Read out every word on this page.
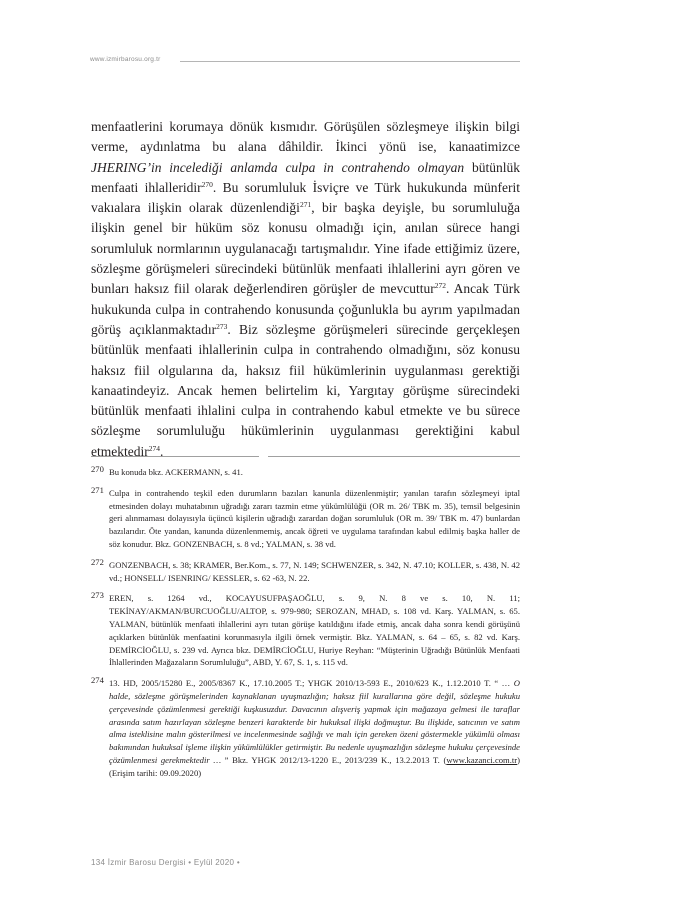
www.izmirbarosu.org.tr

menfaatlerini korumaya dönük kısmıdır. Görüşülen sözleşmeye ilişkin bilgi verme, aydınlatma bu alana dâhildir. İkinci yönü ise, kanaatimizce JHERING’in incelediği anlamda culpa in contrahendo olmayan bütünlük menfaati ihlalleridir$^{270}$. Bu sorumluluk İsviçre ve Türk hukukunda münferit vakıalara ilişkin olarak düzenlendiği$^{271}$, bir başka deyişle, bu sorumluluğa ilişkin genel bir hüküm söz konusu olmadığı için, anılan sürece hangi sorumluluk normlarının uygulanacağı tartışmalıdır. Yine ifade ettiğimiz üzere, sözleşme görüşmeleri sürecindeki bütünlük menfaati ihlallerini ayrı gören ve bunları haksız fiil olarak değerlendiren görüşler de mevcuttur$^{272}$. Ancak Türk hukukunda culpa in contrahendo konusunda çoğunlukla bu ayrım yapılmadan görüş açıklanmaktadır$^{273}$. Biz sözleşme görüşmeleri sürecinde gerçekleşen bütünlük menfaati ihlallerinin culpa in contrahendo olmadığını, söz konusu haksız fiil olgularına da, haksız fiil hükümlerinin uygulanması gerektiği kanaatindeyiz. Ancak hemen belirtelim ki, Yargıtay görüşme sürecindeki bütünlük menfaati ihlalini culpa in contrahendo kabul etmekte ve bu sürece sözleşme sorumluluğu hükümlerinin uygulanması gerektiğini kabul etmektedir$^{274}$.

270 Bu konuda bkz. ACKERMANN, s. 41.
271 Culpa in contrahendo teşkil eden durumların bazıları kanunla düzenlenmiştir; yanılan tarafın sözleşmeyi iptal etmesinden dolayı muhatabının uğradığı zararı tazmin etme yükümlülüğü (OR m. 26/ TBK m. 35), temsil belgesinin geri alınmaması dolayısıyla üçüncü kişilerin uğradığı zarardan doğan sorumluluk (OR m. 39/ TBK m. 47) bunlardan bazılarıdır. Öte yandan, kanunda düzenlenmemiş, ancak öğreti ve uygulama tarafından kabul edilmiş başka haller de söz konudur. Bkz. GONZENBACH, s. 8 vd.; YALMAN, s. 38 vd.
272 GONZENBACH, s. 38; KRAMER, Ber.Kom., s. 77, N. 149; SCHWENZER, s. 342, N. 47.10; KOLLER, s. 438, N. 42 vd.; HONSELL/ ISENRING/ KESSLER, s. 62 -63, N. 22.
273 EREN, s. 1264 vd., KOCAYUSUFPAŞAOĞLU, s. 9, N. 8 ve s. 10, N. 11; TEKİNAY/AKMAN/BURCUOĞLU/ALTOP, s. 979-980; SEROZAN, MHAD, s. 108 vd. Karş. YALMAN, s. 65. YALMAN, bütünlük menfaati ihlallerini ayrı tutan görüşe katıldığını ifade etmiş, ancak daha sonra kendi görüşünü açıklarken bütünlük menfaatini korunmasıyla ilgili örnek vermiştir. Bkz. YALMAN, s. 64 – 65, s. 82 vd. Karş. DEMİRCİOĞLU, s. 239 vd. Ayrıca bkz. DEMİRCİOĞLU, Huriye Reyhan: “Müşterinin Uğradığı Bütünlük Menfaati İhlallerinden Mağazaların Sorumluluğu”, ABD, Y. 67, S. 1, s. 115 vd.
274 13. HD, 2005/15280 E., 2005/8367 K., 17.10.2005 T.; YHGK 2010/13-593 E., 2010/623 K., 1.12.2010 T. “ … O halde, sözleşme görüşmelerinden kaynaklanan uyuşmazlığın; haksız fiil kurallarına göre değil, sözleşme hukuku çerçevesinde çözümlenmesi gerektiği kuşkusuzdur. Davacının alışveriş yapmak için mağazaya gelmesi ile taraflar arasında satım hazırlayan sözleşme benzeri karakterde bir hukuksal ilişki doğmuştur. Bu ilişkide, satıcının ve satım alma isteklisine malın gösterilmesi ve incelenmesinde sağlığı ve malı için gereken özeni göstermekle yükümlü olması bakımından hukuksal işleme ilişkin yükümlülükler getirmiştir. Bu nedenle uyuşmazlığın sözleşme hukuku çerçevesinde çözümlenmesi gerekmektedir … ” Bkz. YHGK 2012/13-1220 E., 2013/239 K., 13.2.2013 T. (www.kazanci.com.tr) (Erişim tarihi: 09.09.2020)
134 İzmir Barosu Dergisi • Eylül 2020 •
